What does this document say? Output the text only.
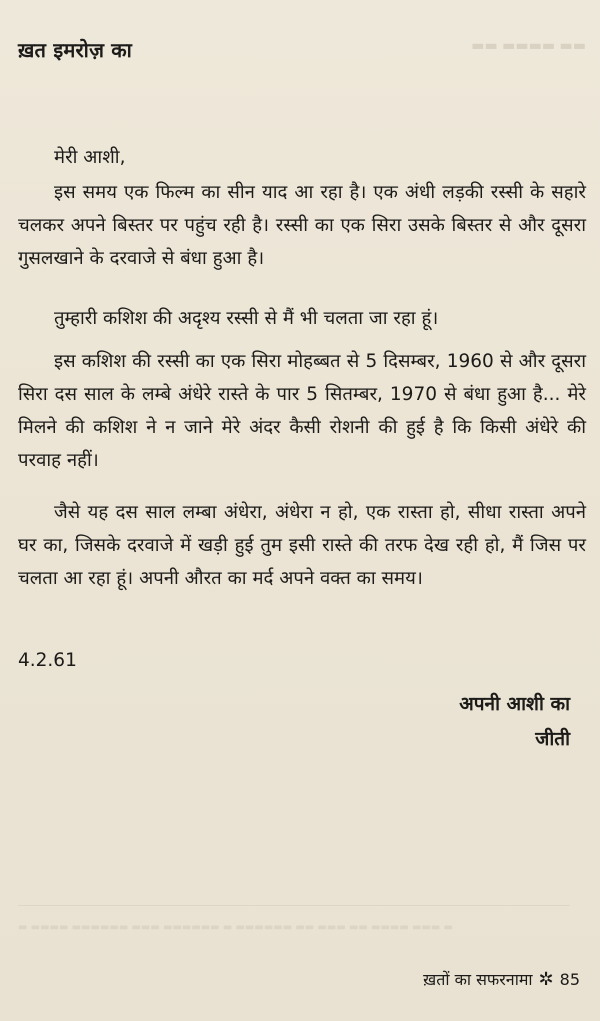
▬▬ ▬▬▬▬ ▬▬
▬ ▬▬▬▬ ▬▬▬▬▬▬ ▬▬▬ ▬▬▬▬▬▬ ▬ ▬▬▬▬▬▬ ▬▬ ▬▬▬ ▬▬ ▬▬▬▬ ▬▬▬ ▬
ख़त इमरोज़ का
मेरी आशी,
इस समय एक फिल्म का सीन याद आ रहा है। एक अंधी लड़की रस्सी के सहारे चलकर अपने बिस्तर पर पहुंच रही है। रस्सी का एक सिरा उसके बिस्तर से और दूसरा गुसलखाने के दरवाजे से बंधा हुआ है।
तुम्हारी कशिश की अदृश्य रस्सी से मैं भी चलता जा रहा हूं।
इस कशिश की रस्सी का एक सिरा मोहब्बत से 5 दिसम्बर, 1960 से और दूसरा सिरा दस साल के लम्बे अंधेरे रास्ते के पार 5 सितम्बर, 1970 से बंधा हुआ है... मेरे मिलने की कशिश ने न जाने मेरे अंदर कैसी रोशनी की हुई है कि किसी अंधेरे की परवाह नहीं।
जैसे यह दस साल लम्बा अंधेरा, अंधेरा न हो, एक रास्ता हो, सीधा रास्ता अपने घर का, जिसके दरवाजे में खड़ी हुई तुम इसी रास्ते की तरफ देख रही हो, मैं जिस पर चलता आ रहा हूं। अपनी औरत का मर्द अपने वक्त का समय।
4.2.61
अपनी आशी का
जीती
ख़तों का सफरनामा ✲ 85
